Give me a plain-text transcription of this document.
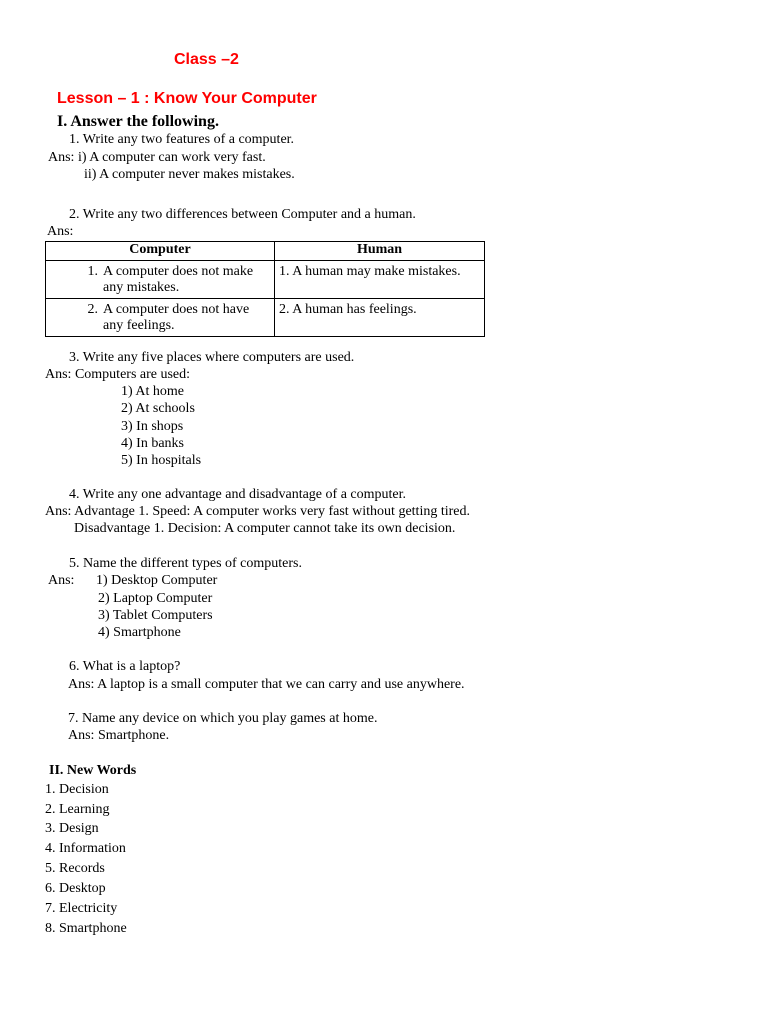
Class –2
Lesson – 1 : Know Your Computer
I. Answer the following.
1. Write any two features of a computer.
Ans: i) A computer can work very fast.
ii) A computer never makes mistakes.
2. Write any two differences between Computer and a human.
Ans:
Computer	Human

1. A computer does not make any mistakes.	1. A human may make mistakes.

2. A computer does not have any feelings.	2. A human has feelings.
3. Write any five places where computers are used.
Ans: Computers are used:
1) At home
2) At schools
3) In shops
4) In banks
5) In hospitals
4. Write any one advantage and disadvantage of a computer.
Ans: Advantage 1. Speed: A computer works very fast without getting tired.
Disadvantage 1. Decision: A computer cannot take its own decision.
5. Name the different types of computers.
Ans: 1) Desktop Computer
2) Laptop Computer
3) Tablet Computers
4) Smartphone
6. What is a laptop?
Ans: A laptop is a small computer that we can carry and use anywhere.
7. Name any device on which you play games at home.
Ans: Smartphone.
II. New Words
1. Decision
2. Learning
3. Design
4. Information
5. Records
6. Desktop
7. Electricity
8. Smartphone
